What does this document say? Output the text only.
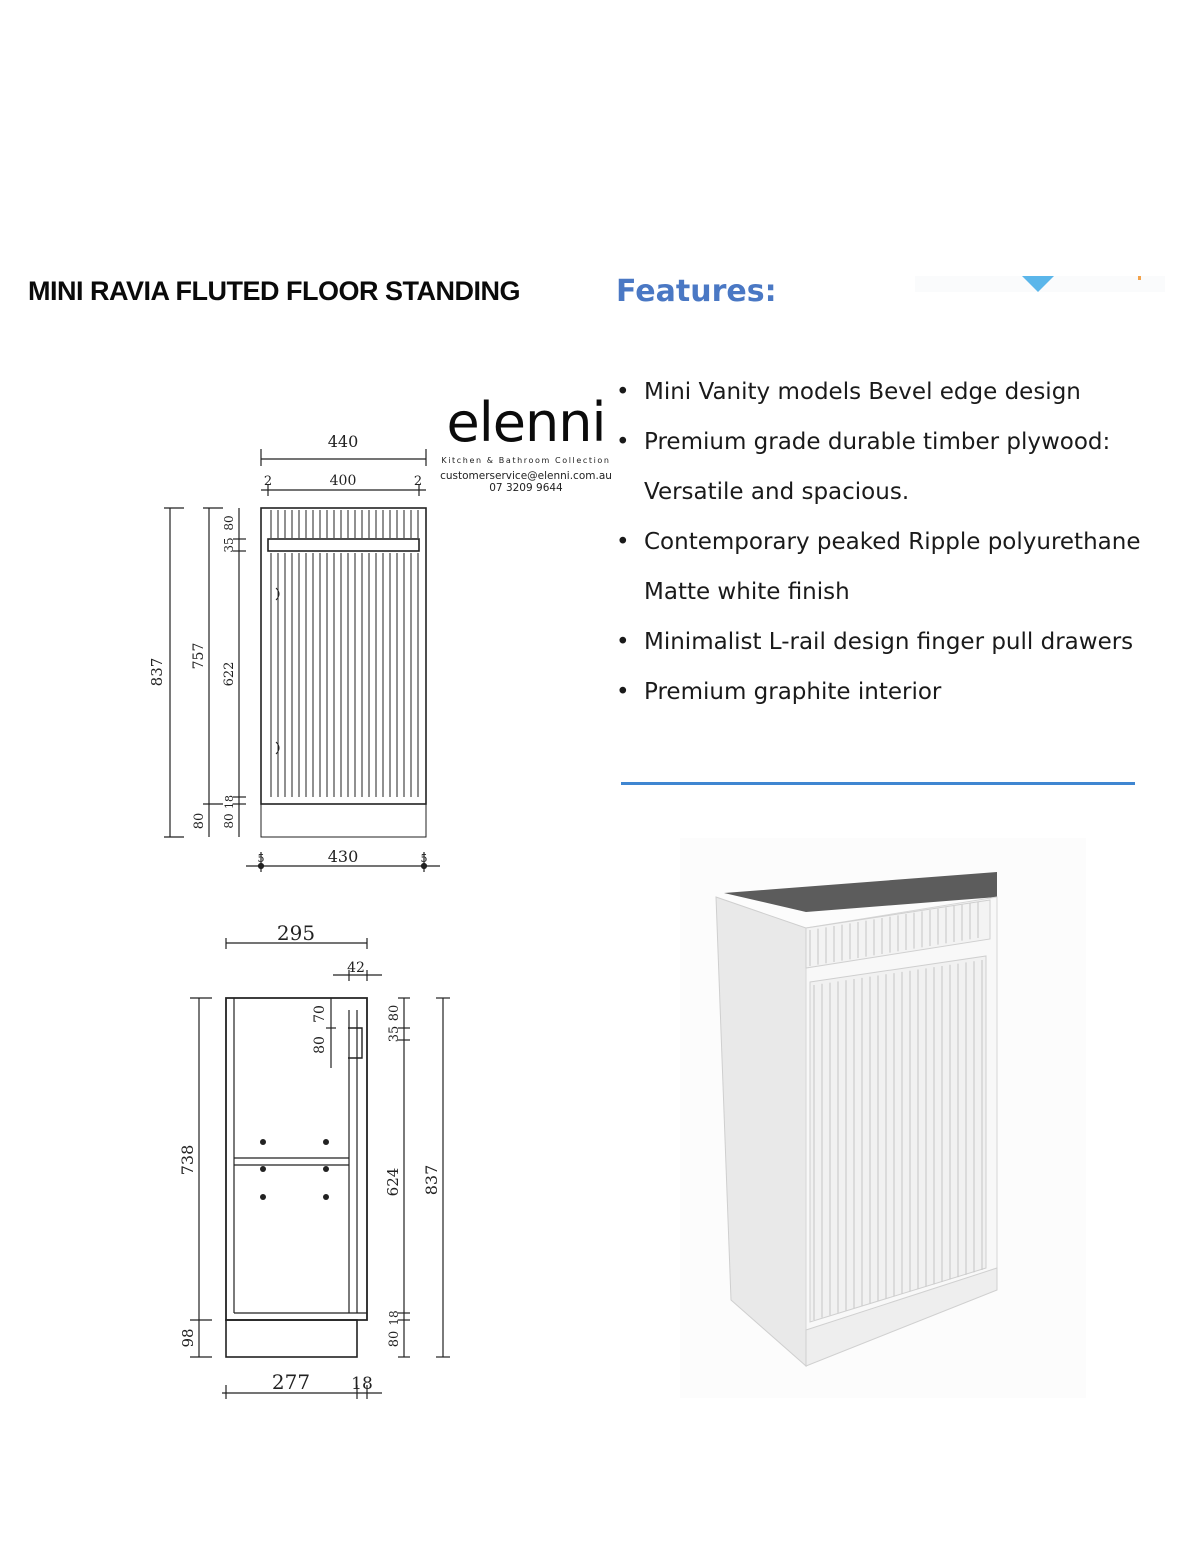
MINI RAVIA FLUTED FLOOR STANDING	Features:
elenni
Kitchen & Bathroom Collection
customerservice@elenni.com.au
07 3209 9644
• Mini Vanity models Bevel edge design
• Premium grade durable timber plywood: Versatile and spacious.
• Contemporary peaked Ripple polyurethane Matte white finish
• Minimalist L-rail design finger pull drawers
• Premium graphite interior
440
2	400	2
837
757
80
80
35
622
18
80
5	430	5
295
42
738
98
70
80
80
35
624
18
80
837
277 18
